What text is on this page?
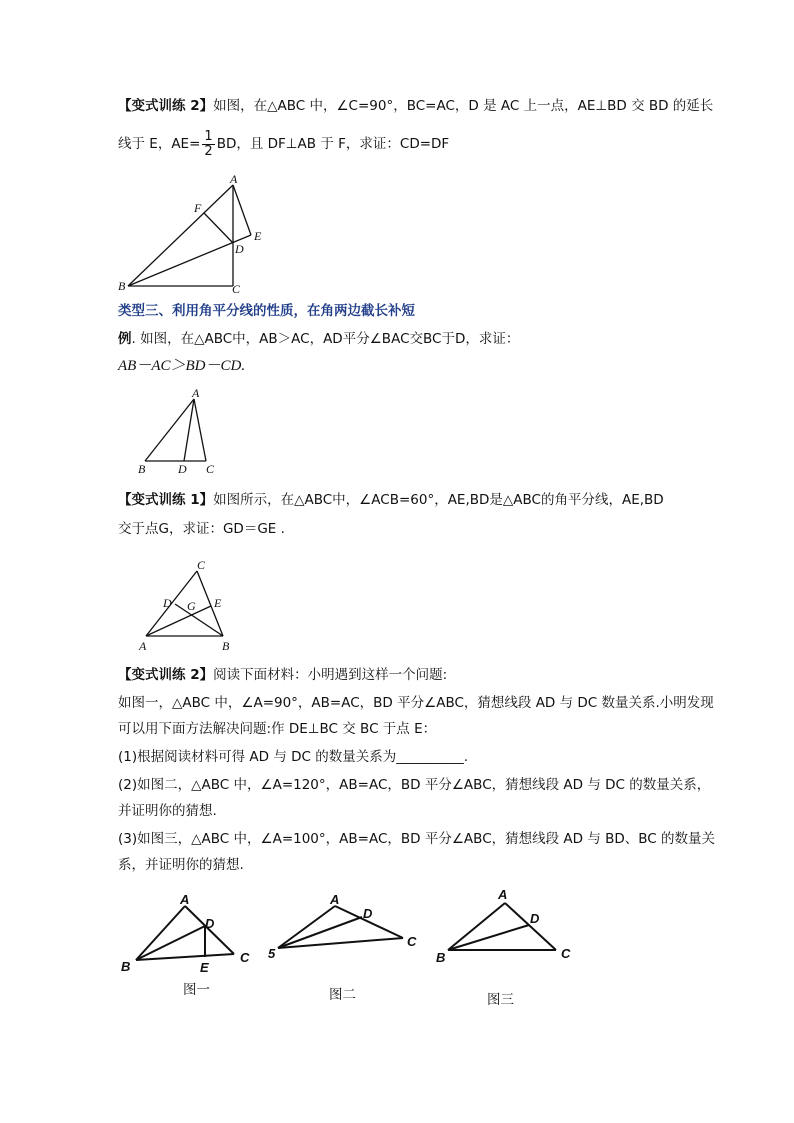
【变式训练 2】如图，在△ABC 中，∠C=90°，BC=AC，D 是 AC 上一点，AE⊥BD 交 BD 的延长
线于 E，$AE= \frac{1}{2}$ BD，且 DF⊥AB 于 F，求证：CD=DF
A
B	C
D
E
F
类型三、利用角平分线的性质，在角两边截长补短
例. 如图，在△ABC中，AB＞AC，AD平分∠BAC交BC于D，求证：
AB－AC＞BD－CD.
A
B	D C
【变式训练 1】如图所示，在△ABC中，∠ACB=60°，AE,BD是△ABC的角平分线，AE,BD
交于点G，求证：GD＝GE .
C
A	B
D	E
G
【变式训练 2】阅读下面材料：小明遇到这样一个问题:
如图一，△ABC 中，∠A=90°，AB=AC，BD 平分∠ABC，猜想线段 AD 与 DC 数量关系.小明发现
可以用下面方法解决问题:作 DE⊥BC 交 BC 于点 E：
(1)根据阅读材料可得 AD 与 DC 的数量关系为__________.
(2)如图二，△ABC 中，∠A=120°，AB=AC，BD 平分∠ABC，猜想线段 AD 与 DC 的数量关系，
并证明你的猜想.
(3)如图三，△ABC 中，∠A=100°，AB=AC，BD 平分∠ABC，猜想线段 AD 与 BD、BC 的数量关
系，并证明你的猜想.
A
B
C
D
E
A
5
C
D
A
B	C
D
图一	图二	图三
